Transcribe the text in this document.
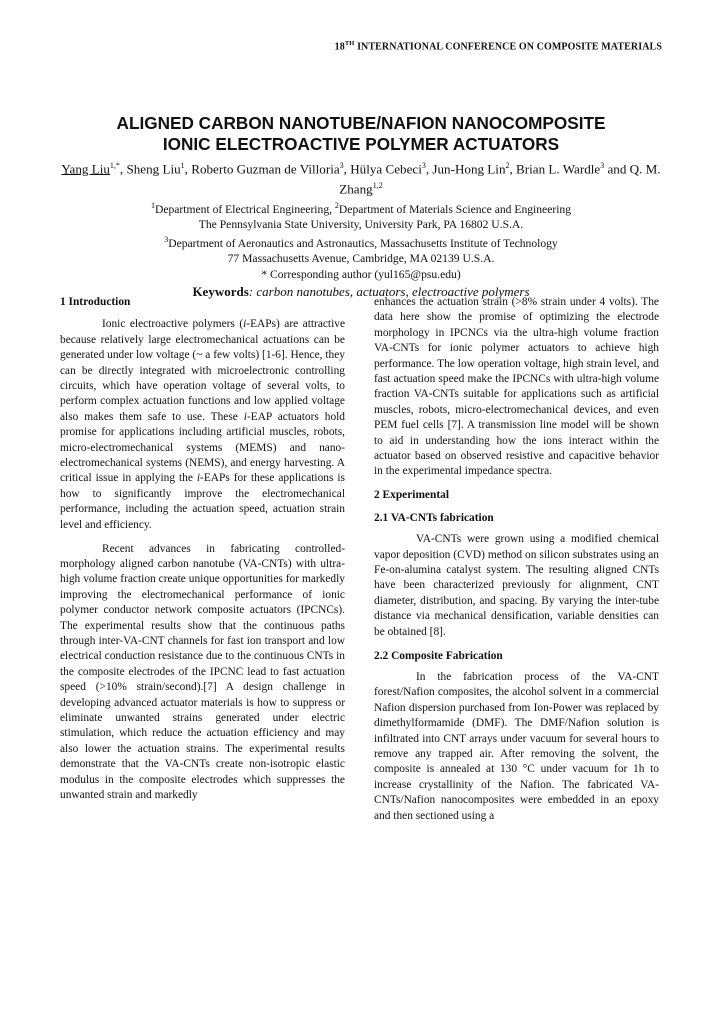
18TH INTERNATIONAL CONFERENCE ON COMPOSITE MATERIALS
ALIGNED CARBON NANOTUBE/NAFION NANOCOMPOSITE
IONIC ELECTROACTIVE POLYMER ACTUATORS
Yang Liu$^{1,*}$, Sheng Liu$^1$, Roberto Guzman de Villoria$^3$, Hülya Cebeci$^3$, Jun-Hong Lin$^2$, Brian L. Wardle$^3$ and Q. M. Zhang$^{1,2}$
$^1$Department of Electrical Engineering, $^2$Department of Materials Science and Engineering
The Pennsylvania State University, University Park, PA 16802 U.S.A.
$^3$Department of Aeronautics and Astronautics, Massachusetts Institute of Technology
77 Massachusetts Avenue, Cambridge, MA 02139 U.S.A.
* Corresponding author (yul165@psu.edu)
Keywords: carbon nanotubes, actuators, electroactive polymers
1 Introduction

Ionic electroactive polymers (i-EAPs) are attractive because relatively large electromechanical actuations can be generated under low voltage (~ a few volts) [1-6]. Hence, they can be directly integrated with microelectronic controlling circuits, which have operation voltage of several volts, to perform complex actuation functions and low applied voltage also makes them safe to use. These i-EAP actuators hold promise for applications including artificial muscles, robots, micro-electromechanical systems (MEMS) and nano-electromechanical systems (NEMS), and energy harvesting. A critical issue in applying the i-EAPs for these applications is how to significantly improve the electromechanical performance, including the actuation speed, actuation strain level and efficiency.

Recent advances in fabricating controlled-morphology aligned carbon nanotube (VA-CNTs) with ultra-high volume fraction create unique opportunities for markedly improving the electromechanical performance of ionic polymer conductor network composite actuators (IPCNCs). The experimental results show that the continuous paths through inter-VA-CNT channels for fast ion transport and low electrical conduction resistance due to the continuous CNTs in the composite electrodes of the IPCNC lead to fast actuation speed (>10% strain/second).[7] A design challenge in developing advanced actuator materials is how to suppress or eliminate unwanted strains generated under electric stimulation, which reduce the actuation efficiency and may also lower the actuation strains. The experimental results demonstrate that the VA-CNTs create non-isotropic elastic modulus in the composite electrodes which suppresses the unwanted strain and markedly

enhances the actuation strain (>8% strain under 4 volts). The data here show the promise of optimizing the electrode morphology in IPCNCs via the ultra-high volume fraction VA-CNTs for ionic polymer actuators to achieve high performance. The low operation voltage, high strain level, and fast actuation speed make the IPCNCs with ultra-high volume fraction VA-CNTs suitable for applications such as artificial muscles, robots, micro-electromechanical devices, and even PEM fuel cells [7]. A transmission line model will be shown to aid in understanding how the ions interact within the actuator based on observed resistive and capacitive behavior in the experimental impedance spectra.

2 Experimental
2.1 VA-CNTs fabrication

VA-CNTs were grown using a modified chemical vapor deposition (CVD) method on silicon substrates using an Fe-on-alumina catalyst system. The resulting aligned CNTs have been characterized previously for alignment, CNT diameter, distribution, and spacing. By varying the inter-tube distance via mechanical densification, variable densities can be obtained [8].

2.2 Composite Fabrication

In the fabrication process of the VA-CNT forest/Nafion composites, the alcohol solvent in a commercial Nafion dispersion purchased from Ion-Power was replaced by dimethylformamide (DMF). The DMF/Nafion solution is infiltrated into CNT arrays under vacuum for several hours to remove any trapped air. After removing the solvent, the composite is annealed at 130 °C under vacuum for 1h to increase crystallinity of the Nafion. The fabricated VA-CNTs/Nafion nanocomposites were embedded in an epoxy and then sectioned using a
